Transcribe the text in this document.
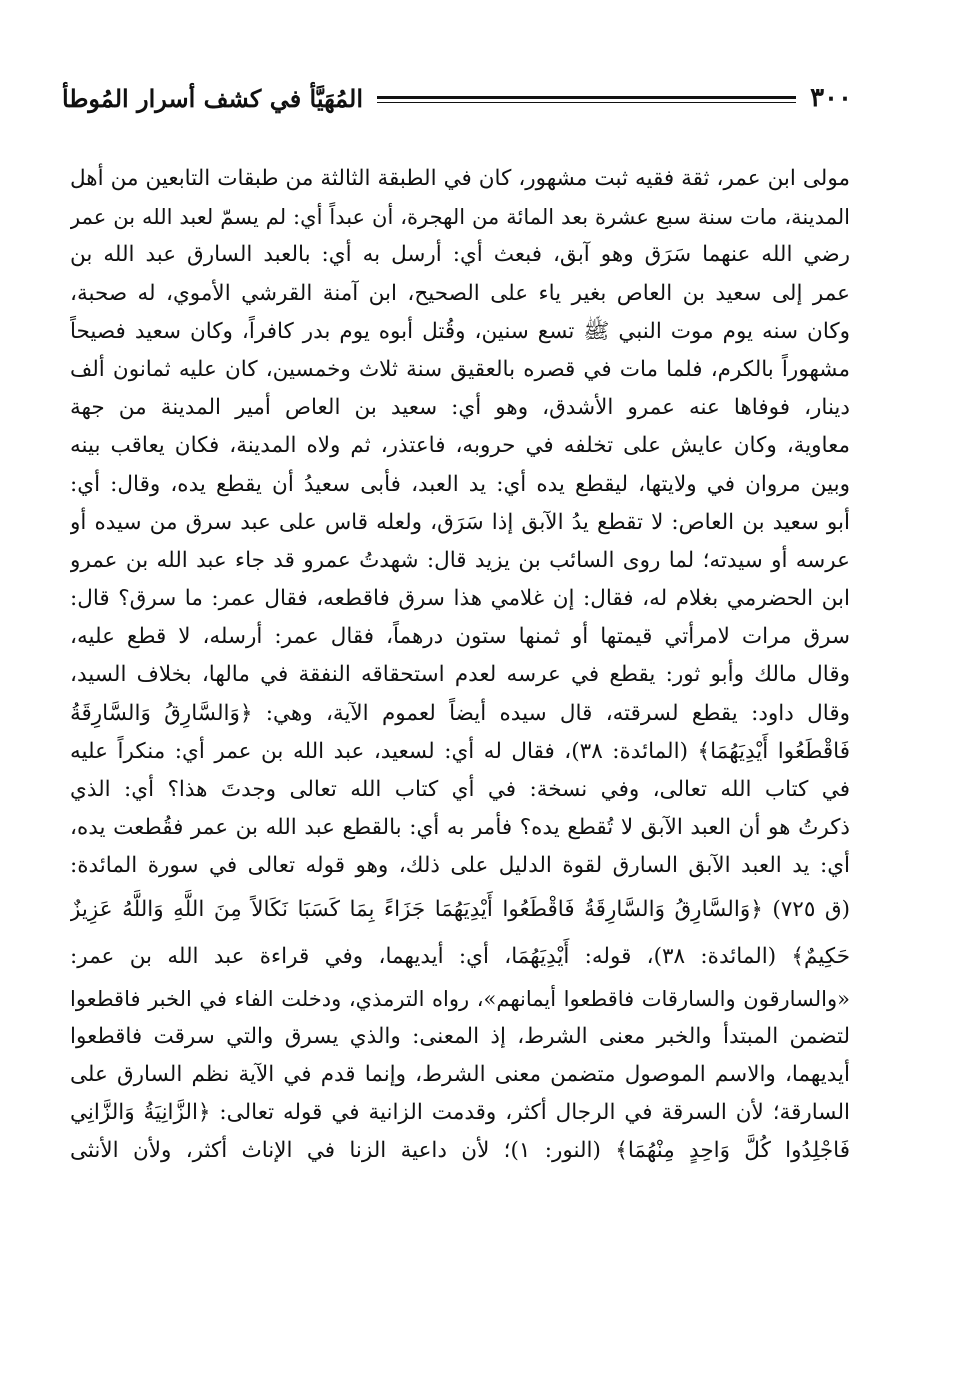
٣٠٠
المُهَيَّأ في كشف أسرار المُوطأ
مولى ابن عمر، ثقة فقيه ثبت مشهور، كان في الطبقة الثالثة من طبقات التابعين من أهل
المدينة، مات سنة سبع عشرة بعد المائة من الهجرة، أن عبداً أي: لم يسمّ لعبد الله بن عمر
رضي الله عنهما سَرَق وهو آبق، فبعث أي: أرسل به أي: بالعبد السارق عبد الله بن
عمر إلى سعيد بن العاص بغير ياء على الصحيح، ابن آمنة القرشي الأموي، له صحبة،
وكان سنه يوم موت النبي ﷺ تسع سنين، وقُتل أبوه يوم بدر كافراً، وكان سعيد فصيحاً
مشهوراً بالكرم، فلما مات في قصره بالعقيق سنة ثلاث وخمسين، كان عليه ثمانون ألف
دينار، فوفاها عنه عمرو الأشدق، وهو أي: سعيد بن العاص أمير المدينة من جهة
معاوية، وكان عايش على تخلفه في حروبه، فاعتذر، ثم ولاه المدينة، فكان يعاقب بينه
وبين مروان في ولايتها، ليقطع يده أي: يد العبد، فأبى سعيدُ أن يقطع يده، وقال: أي:
أبو سعيد بن العاص: لا تقطع يدُ الآبق إذا سَرَق، ولعله قاس على عبد سرق من سيده أو
عرسه أو سيدته؛ لما روى السائب بن يزيد قال: شهدتُ عمرو قد جاء عبد الله بن عمرو
ابن الحضرمي بغلام له، فقال: إن غلامي هذا سرق فاقطعه، فقال عمر: ما سرق؟ قال:
سرق مرات لامرأتي قيمتها أو ثمنها ستون درهماً، فقال عمر: أرسله، لا قطع عليه،
وقال مالك وأبو ثور: يقطع في عرسه لعدم استحقاقه النفقة في مالها، بخلاف السيد،
وقال داود: يقطع لسرقته، قال سيده أيضاً لعموم الآية، وهي: ﴿وَالسَّارِقُ وَالسَّارِقَةُ
فَاقْطَعُوا أَيْدِيَهُمَا﴾ (المائدة: ٣٨)، فقال له أي: لسعيد، عبد الله بن عمر أي: منكراً عليه
في كتاب الله تعالى، وفي نسخة: في أي كتاب الله تعالى وجدتَ هذا؟ أي: الذي
ذكرتُ هو أن العبد الآبق لا تُقطع يده؟ فأمر به أي: بالقطع عبد الله بن عمر فقُطعت يده،
أي: يد العبد الآبق السارق لقوة الدليل على ذلك، وهو قوله تعالى في سورة المائدة:
(ق ٧٢٥) ﴿وَالسَّارِقُ وَالسَّارِقَةُ فَاقْطَعُوا أَيْدِيَهُمَا جَزَاءً بِمَا كَسَبَا نَكَالاً مِنَ اللَّهِ وَاللَّهُ عَزِيزٌ
حَكِيمٌ﴾ (المائدة: ٣٨)، قوله: أَيْدِيَهُمَا، أي: أيديهما، وفي قراءة عبد الله بن عمر:
«والسارقون والسارقات فاقطعوا أيمانهم»، رواه الترمذي، ودخلت الفاء في الخبر فاقطعوا
لتضمن المبتدأ والخبر معنى الشرط، إذ المعنى: والذي يسرق والتي سرقت فاقطعوا
أيديهما، والاسم الموصول متضمن معنى الشرط، وإنما قدم في الآية نظم السارق على
السارقة؛ لأن السرقة في الرجال أكثر، وقدمت الزانية في قوله تعالى: ﴿الزَّانِيَةُ وَالزَّانِي
فَاجْلِدُوا كُلَّ وَاحِدٍ مِنْهُمَا﴾ (النور: ١)؛ لأن داعية الزنا في الإناث أكثر، ولأن الأنثى
